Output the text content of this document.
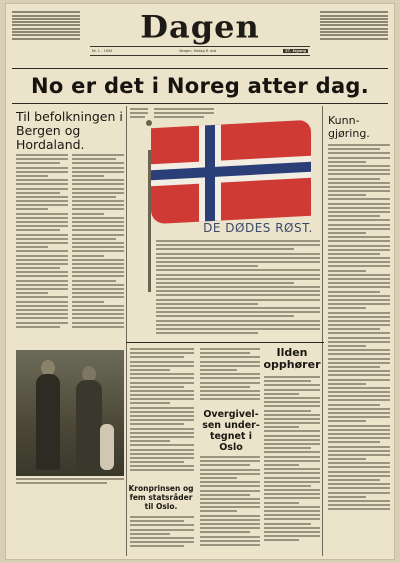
Dagen
Nr. 1 – 1945	Bergen, fredag 8. mai	27. årgang
No er det i Noreg atter dag.
Til befolkningen i Bergen og Hordaland.
Kunn-gjøring.
DE DØDES RØST.
Kronprinsen og fem statsråder til Oslo.
Overgivel-sen under-tegnet i Oslo
Ilden opphører
